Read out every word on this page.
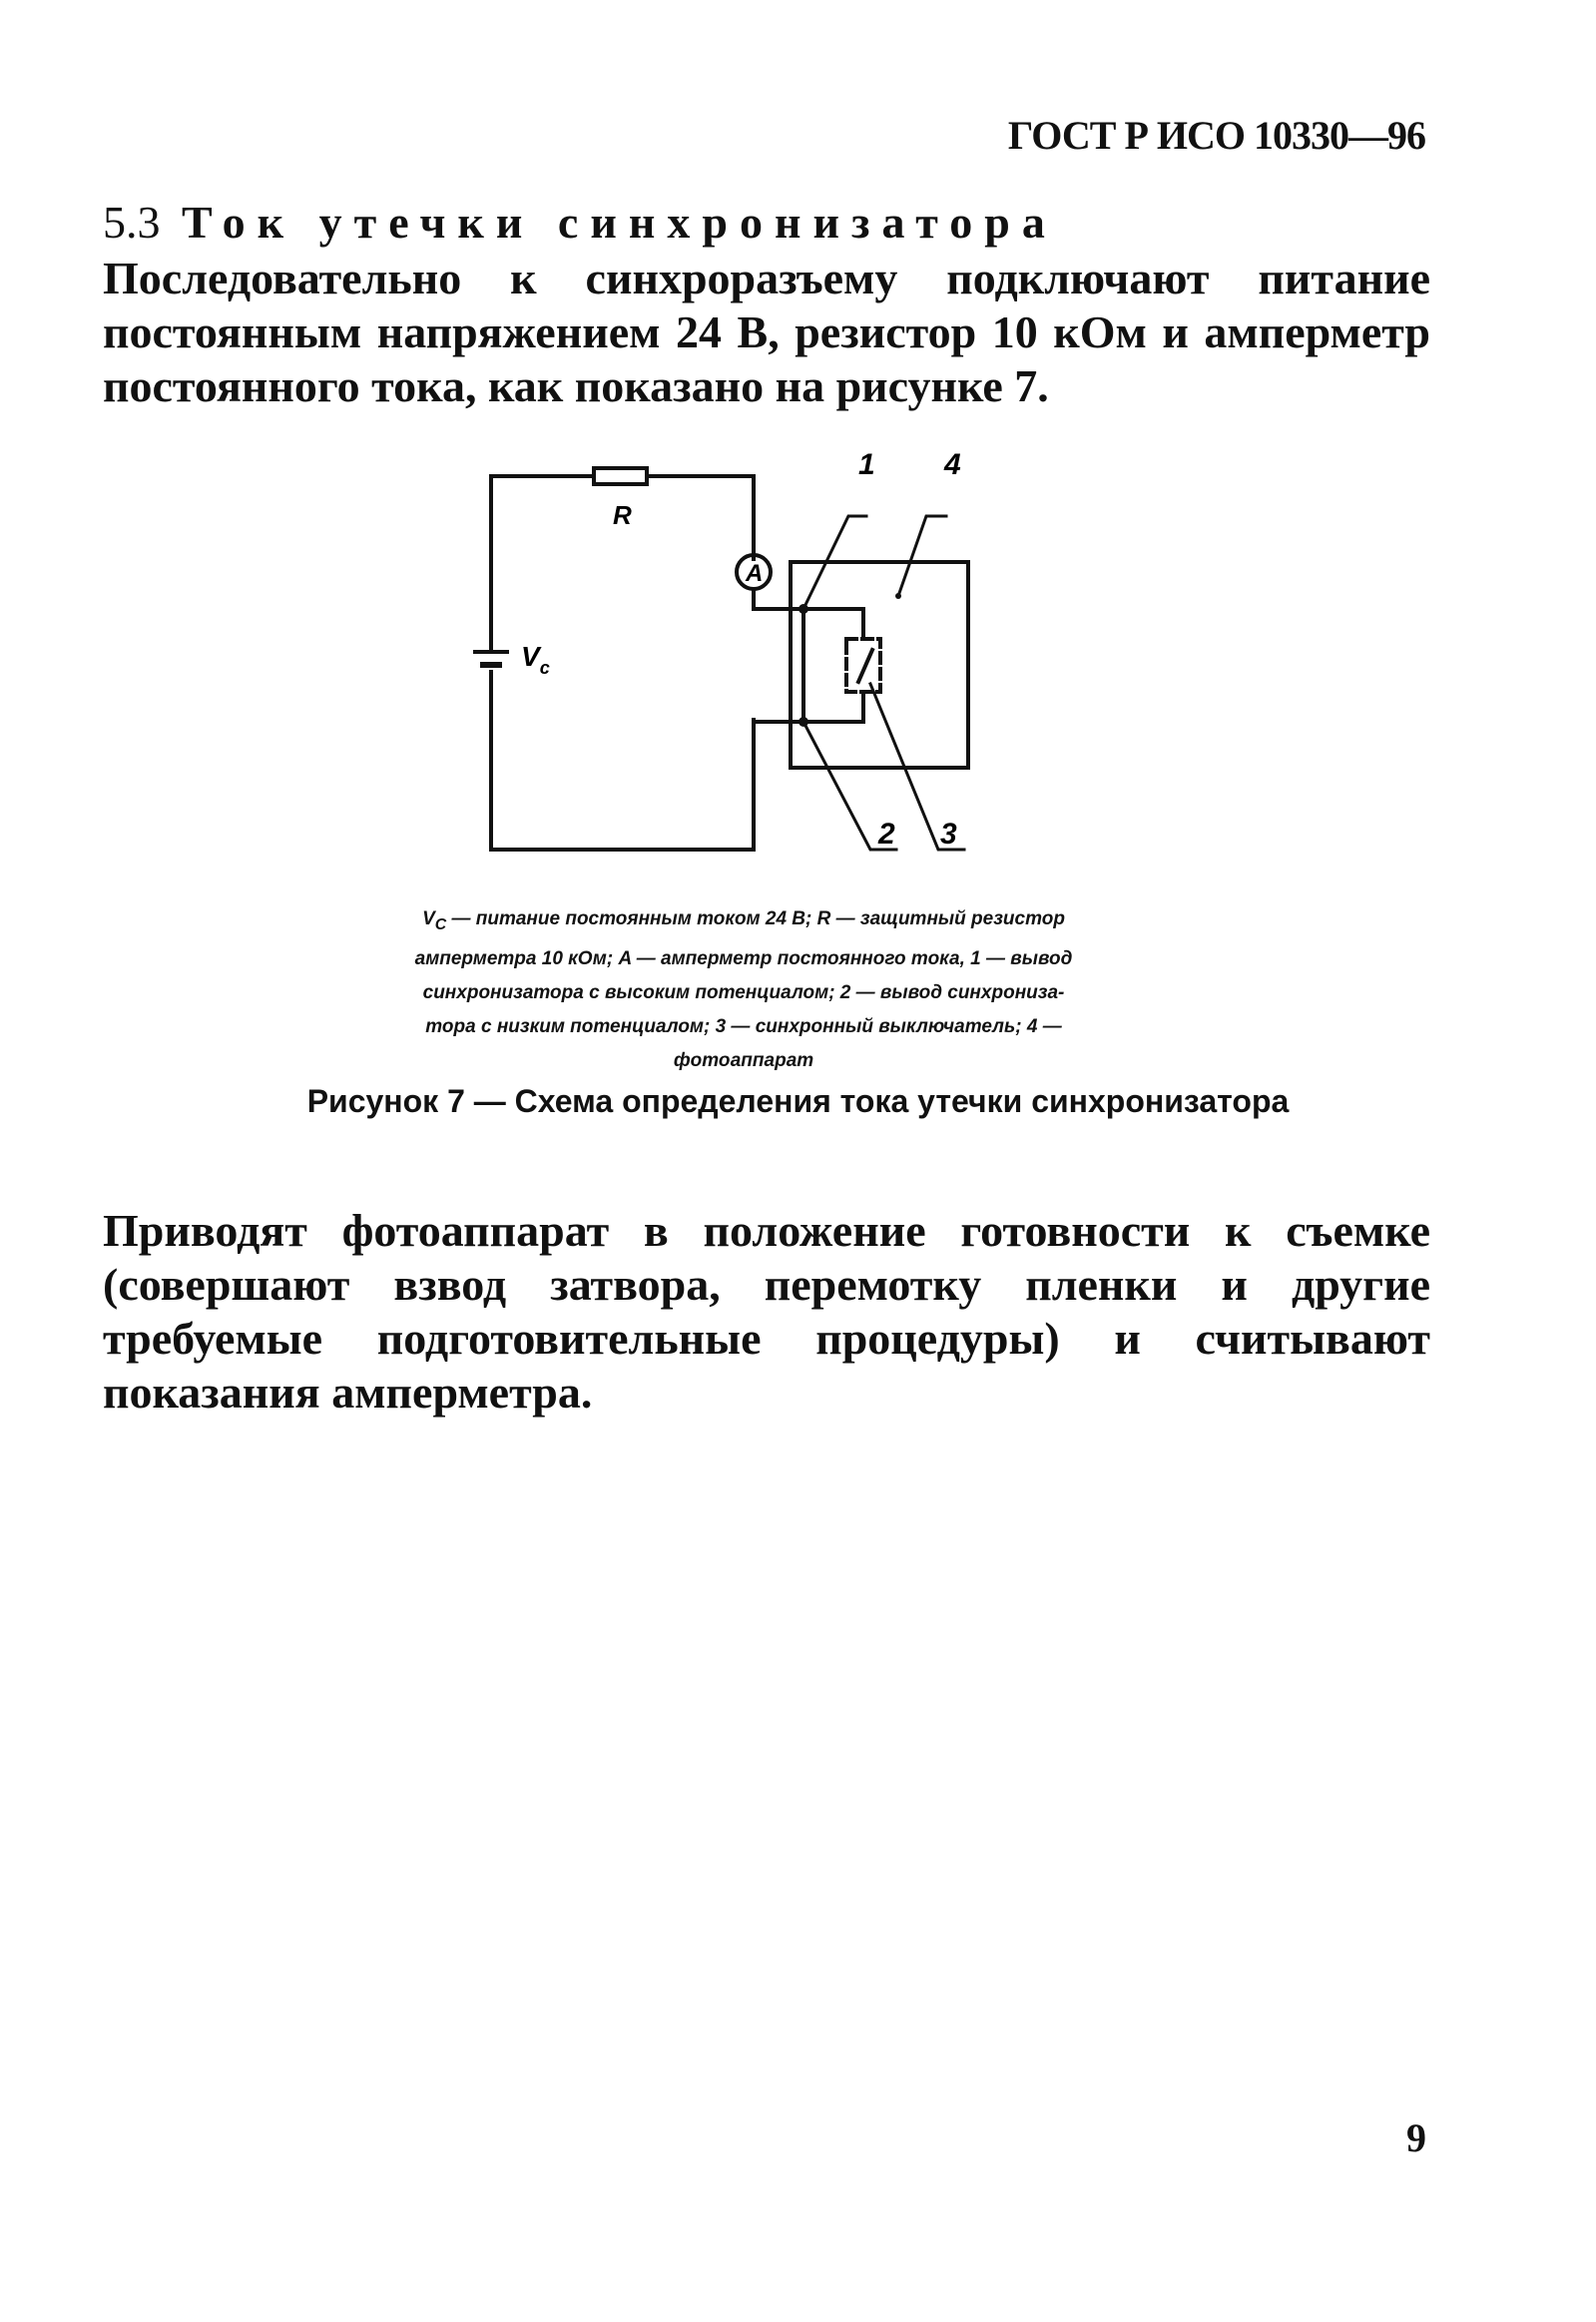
ГОСТ Р ИСО 10330—96
5.3 Ток утечки синхронизатора
Последовательно к синхроразъему подключают питание постоянным напряжением 24 В, резистор 10 кОм и амперметр постоянного тока, как показано на рисунке 7.
R
A
$V_c$
1 4
2 3
$V_C$ — питание постоянным током 24 В; R — защитный резистор
амперметра 10 кОм; A — амперметр постоянного тока, 1 — вывод
синхронизатора с высоким потенциалом; 2 — вывод синхрониза-
тора с низким потенциалом; 3 — синхронный выключатель; 4 —
фотоаппарат
Рисунок 7 — Схема определения тока утечки синхронизатора
Приводят фотоаппарат в положение готовности к съемке (совершают взвод затвора, перемотку пленки и другие требуемые подготовительные процедуры) и считывают показания амперметра.
9
